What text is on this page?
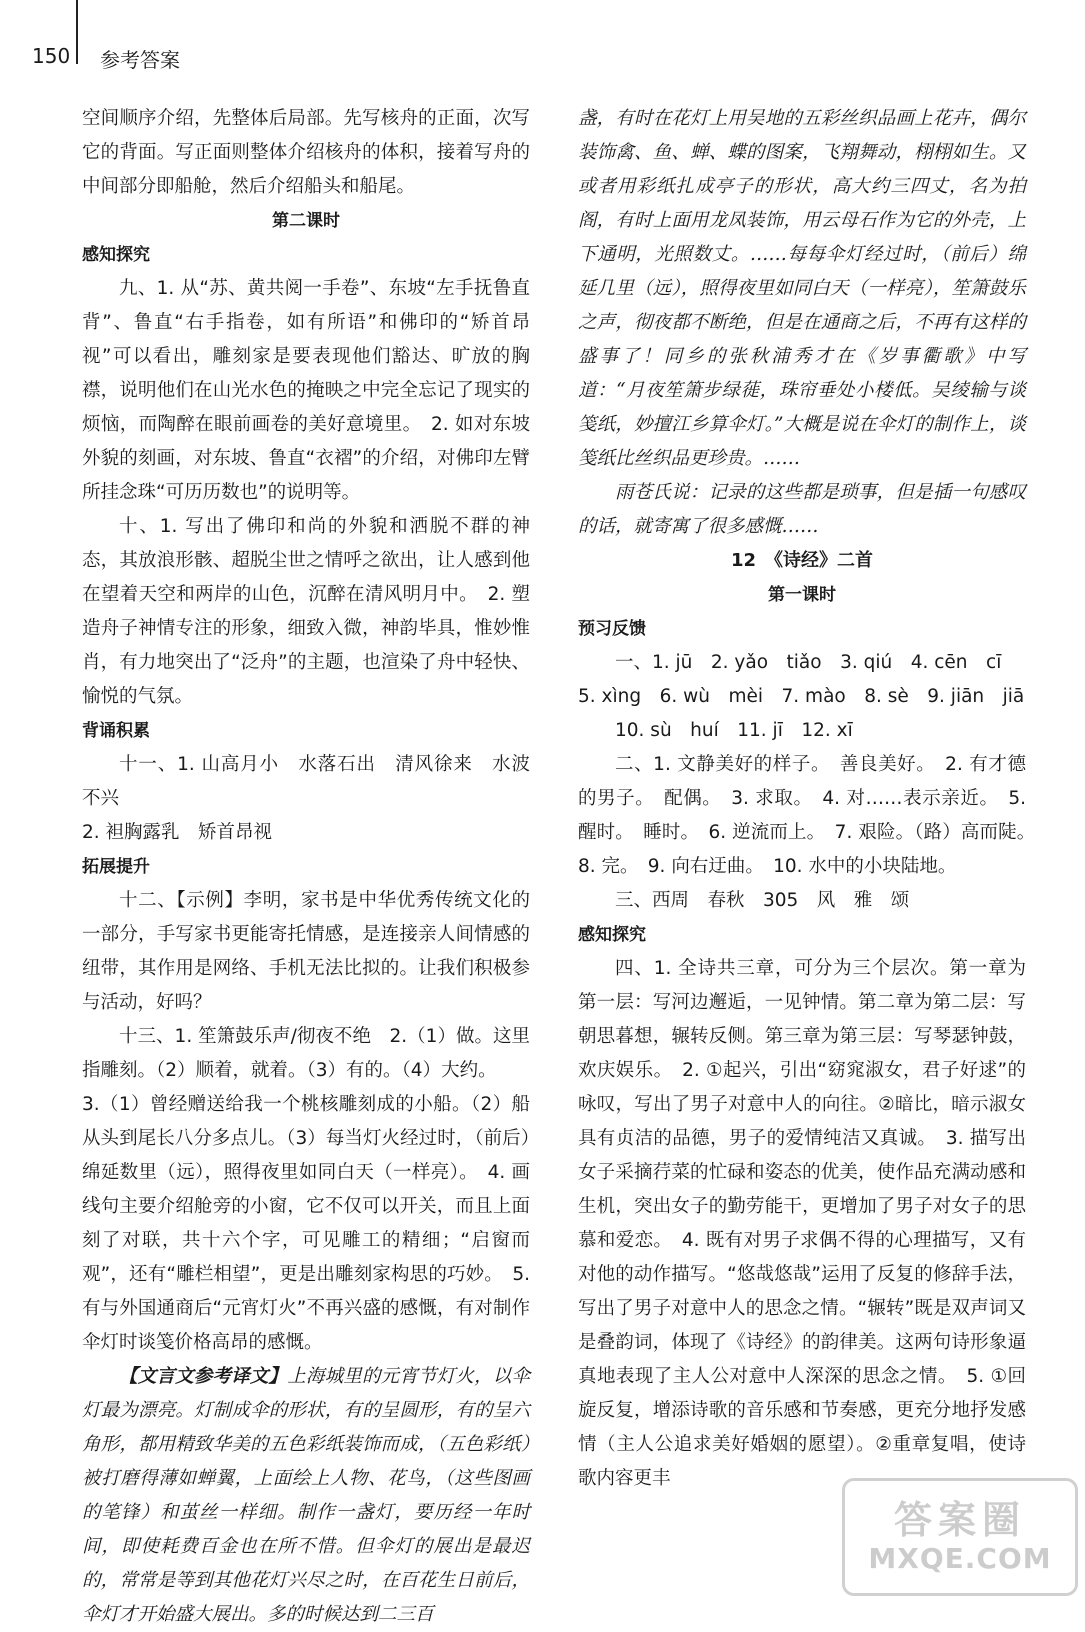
150 参考答案

空间顺序介绍，先整体后局部。先写核舟的正面，次写它的背面。写正面则整体介绍核舟的体积，接着写舟的中间部分即船舱，然后介绍船头和船尾。

第二课时

感知探究

九、1. 从“苏、黄共阅一手卷”、东坡“左手抚鲁直背”、鲁直“右手指卷，如有所语”和佛印的“矫首昂视”可以看出，雕刻家是要表现他们豁达、旷放的胸襟，说明他们在山光水色的掩映之中完全忘记了现实的烦恼，而陶醉在眼前画卷的美好意境里。　2. 如对东坡外貌的刻画，对东坡、鲁直“衣褶”的介绍，对佛印左臂所挂念珠“可历历数也”的说明等。

十、1. 写出了佛印和尚的外貌和洒脱不群的神态，其放浪形骸、超脱尘世之情呼之欲出，让人感到他在望着天空和两岸的山色，沉醉在清风明月中。　2. 塑造舟子神情专注的形象，细致入微，神韵毕具，惟妙惟肖，有力地突出了“泛舟”的主题，也渲染了舟中轻快、愉悦的气氛。

背诵积累

十一、1. 山高月小　水落石出　清风徐来　水波不兴

2. 袒胸露乳　矫首昂视

拓展提升

十二、【示例】李明，家书是中华优秀传统文化的一部分，手写家书更能寄托情感，是连接亲人间情感的纽带，其作用是网络、手机无法比拟的。让我们积极参与活动，好吗？

十三、1. 笙箫鼓乐声/彻夜不绝　2.（1）做。这里指雕刻。（2）顺着，就着。（3）有的。（4）大约。

3.（1）曾经赠送给我一个桃核雕刻成的小船。（2）船从头到尾长八分多点儿。（3）每当灯火经过时，（前后）绵延数里（远），照得夜里如同白天（一样亮）。　4. 画线句主要介绍舱旁的小窗，它不仅可以开关，而且上面刻了对联，共十六个字，可见雕工的精细；“启窗而观”，还有“雕栏相望”，更是出雕刻家构思的巧妙。　5. 有与外国通商后“元宵灯火”不再兴盛的感慨，有对制作伞灯时谈笺价格高昂的感慨。

【文言文参考译文】上海城里的元宵节灯火，以伞灯最为漂亮。灯制成伞的形状，有的呈圆形，有的呈六角形，都用精致华美的五色彩纸装饰而成，（五色彩纸）被打磨得薄如蝉翼，上面绘上人物、花鸟，（这些图画的笔锋）和茧丝一样细。制作一盏灯，要历经一年时间，即使耗费百金也在所不惜。但伞灯的展出是最迟的，常常是等到其他花灯兴尽之时，在百花生日前后，伞灯才开始盛大展出。多的时候达到二三百

盏，有时在花灯上用吴地的五彩丝织品画上花卉，偶尔装饰禽、鱼、蝉、蝶的图案，飞翔舞动，栩栩如生。又或者用彩纸扎成亭子的形状，高大约三四丈，名为拍阁，有时上面用龙凤装饰，用云母石作为它的外壳，上下通明，光照数丈。……每每伞灯经过时，（前后）绵延几里（远），照得夜里如同白天（一样亮），笙箫鼓乐之声，彻夜都不断绝，但是在通商之后，不再有这样的盛事了！同乡的张秋浦秀才在《岁事衢歌》中写道：“月夜笙箫步绿蓰，珠帘垂处小楼低。吴绫输与谈笺纸，妙擅江乡算伞灯。”大概是说在伞灯的制作上，谈笺纸比丝织品更珍贵。……

雨苍氏说：记录的这些都是琐事，但是插一句感叹的话，就寄寓了很多感慨……

12　《诗经》二首

第一课时

预习反馈

一、1. jū　2. yǎo　tiǎo　3. qiú　4. cēn　cī

5. xìng　6. wù　mèi　7. mào　8. sè　9. jiān　jiā

10. sù　huí　11. jī　12. xī

二、1. 文静美好的样子。　善良美好。　2. 有才德的男子。　配偶。　3. 求取。　4. 对……表示亲近。　5. 醒时。　睡时。　6. 逆流而上。　7. 艰险。（路）高而陡。　8. 完。　9. 向右迂曲。　10. 水中的小块陆地。

三、西周　春秋　305　风　雅　颂

感知探究

四、1. 全诗共三章，可分为三个层次。第一章为第一层：写河边邂逅，一见钟情。第二章为第二层：写朝思暮想，辗转反侧。第三章为第三层：写琴瑟钟鼓，欢庆娱乐。　2. ①起兴，引出“窈窕淑女，君子好逑”的咏叹，写出了男子对意中人的向往。②暗比，暗示淑女具有贞洁的品德，男子的爱情纯洁又真诚。　3. 描写出女子采摘荇菜的忙碌和姿态的优美，使作品充满动感和生机，突出女子的勤劳能干，更增加了男子对女子的思慕和爱恋。　4. 既有对男子求偶不得的心理描写，又有对他的动作描写。“悠哉悠哉”运用了反复的修辞手法，写出了男子对意中人的思念之情。“辗转”既是双声词又是叠韵词，体现了《诗经》的韵律美。这两句诗形象逼真地表现了主人公对意中人深深的思念之情。　5. ①回旋反复，增添诗歌的音乐感和节奏感，更充分地抒发感情（主人公追求美好婚姻的愿望）。②重章复唱，使诗歌内容更丰

答案圈
MXQE.COM
